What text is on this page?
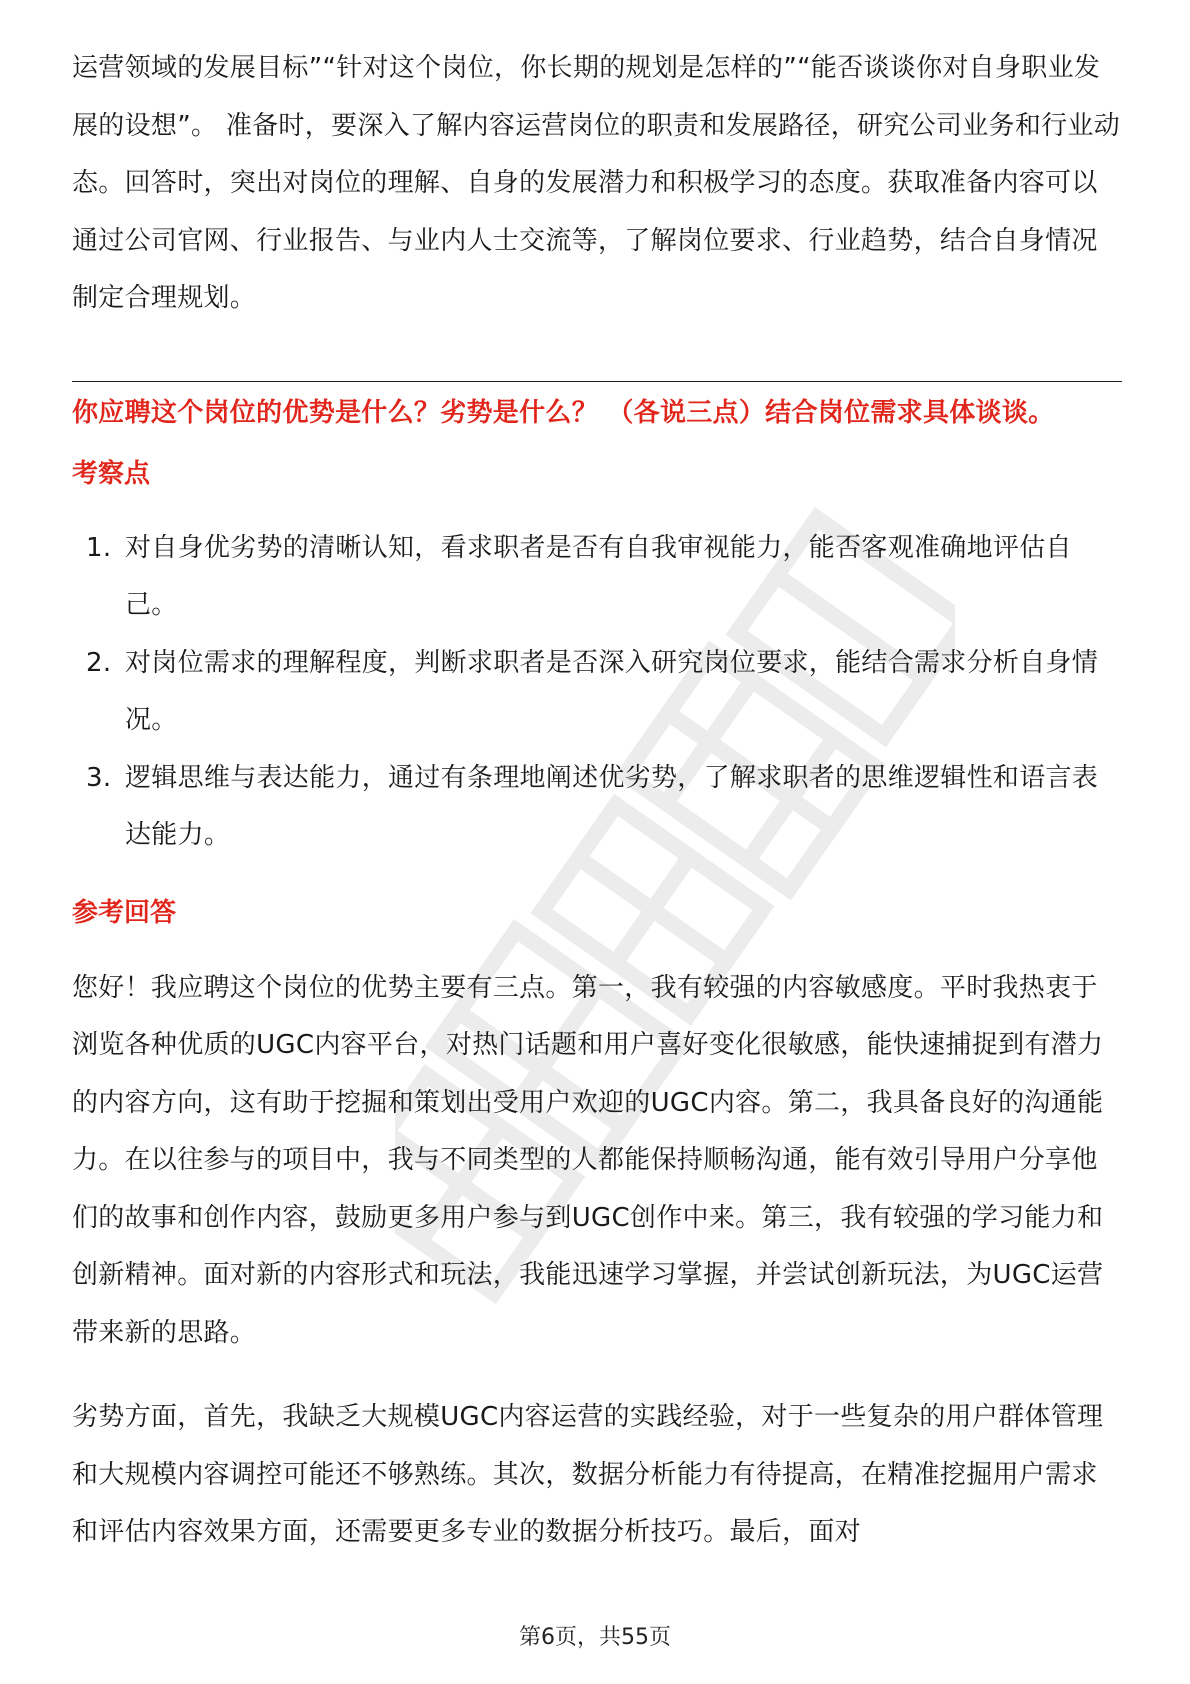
运营领域的发展目标”“针对这个岗位，你长期的规划是怎样的”“能否谈谈你对自身职业发展的设想”。 准备时，要深入了解内容运营岗位的职责和发展路径，研究公司业务和行业动态。回答时，突出对岗位的理解、自身的发展潜力和积极学习的态度。获取准备内容可以通过公司官网、行业报告、与业内人士交流等，了解岗位要求、行业趋势，结合自身情况制定合理规划。

你应聘这个岗位的优势是什么？劣势是什么？ （各说三点）结合岗位需求具体谈谈。

考察点

1. 对自身优劣势的清晰认知，看求职者是否有自我审视能力，能否客观准确地评估自己。
2. 对岗位需求的理解程度，判断求职者是否深入研究岗位要求，能结合需求分析自身情况。
3. 逻辑思维与表达能力，通过有条理地阐述优劣势，了解求职者的思维逻辑性和语言表达能力。

参考回答

您好！我应聘这个岗位的优势主要有三点。第一，我有较强的内容敏感度。平时我热衷于浏览各种优质的UGC内容平台，对热门话题和用户喜好变化很敏感，能快速捕捉到有潜力的内容方向，这有助于挖掘和策划出受用户欢迎的UGC内容。第二，我具备良好的沟通能力。在以往参与的项目中，我与不同类型的人都能保持顺畅沟通，能有效引导用户分享他们的故事和创作内容，鼓励更多用户参与到UGC创作中来。第三，我有较强的学习能力和创新精神。面对新的内容形式和玩法，我能迅速学习掌握，并尝试创新玩法，为UGC运营带来新的思路。

劣势方面，首先，我缺乏大规模UGC内容运营的实践经验，对于一些复杂的用户群体管理和大规模内容调控可能还不够熟练。其次，数据分析能力有待提高，在精准挖掘用户需求和评估内容效果方面，还需要更多专业的数据分析技巧。最后，面对

第6页，共55页
